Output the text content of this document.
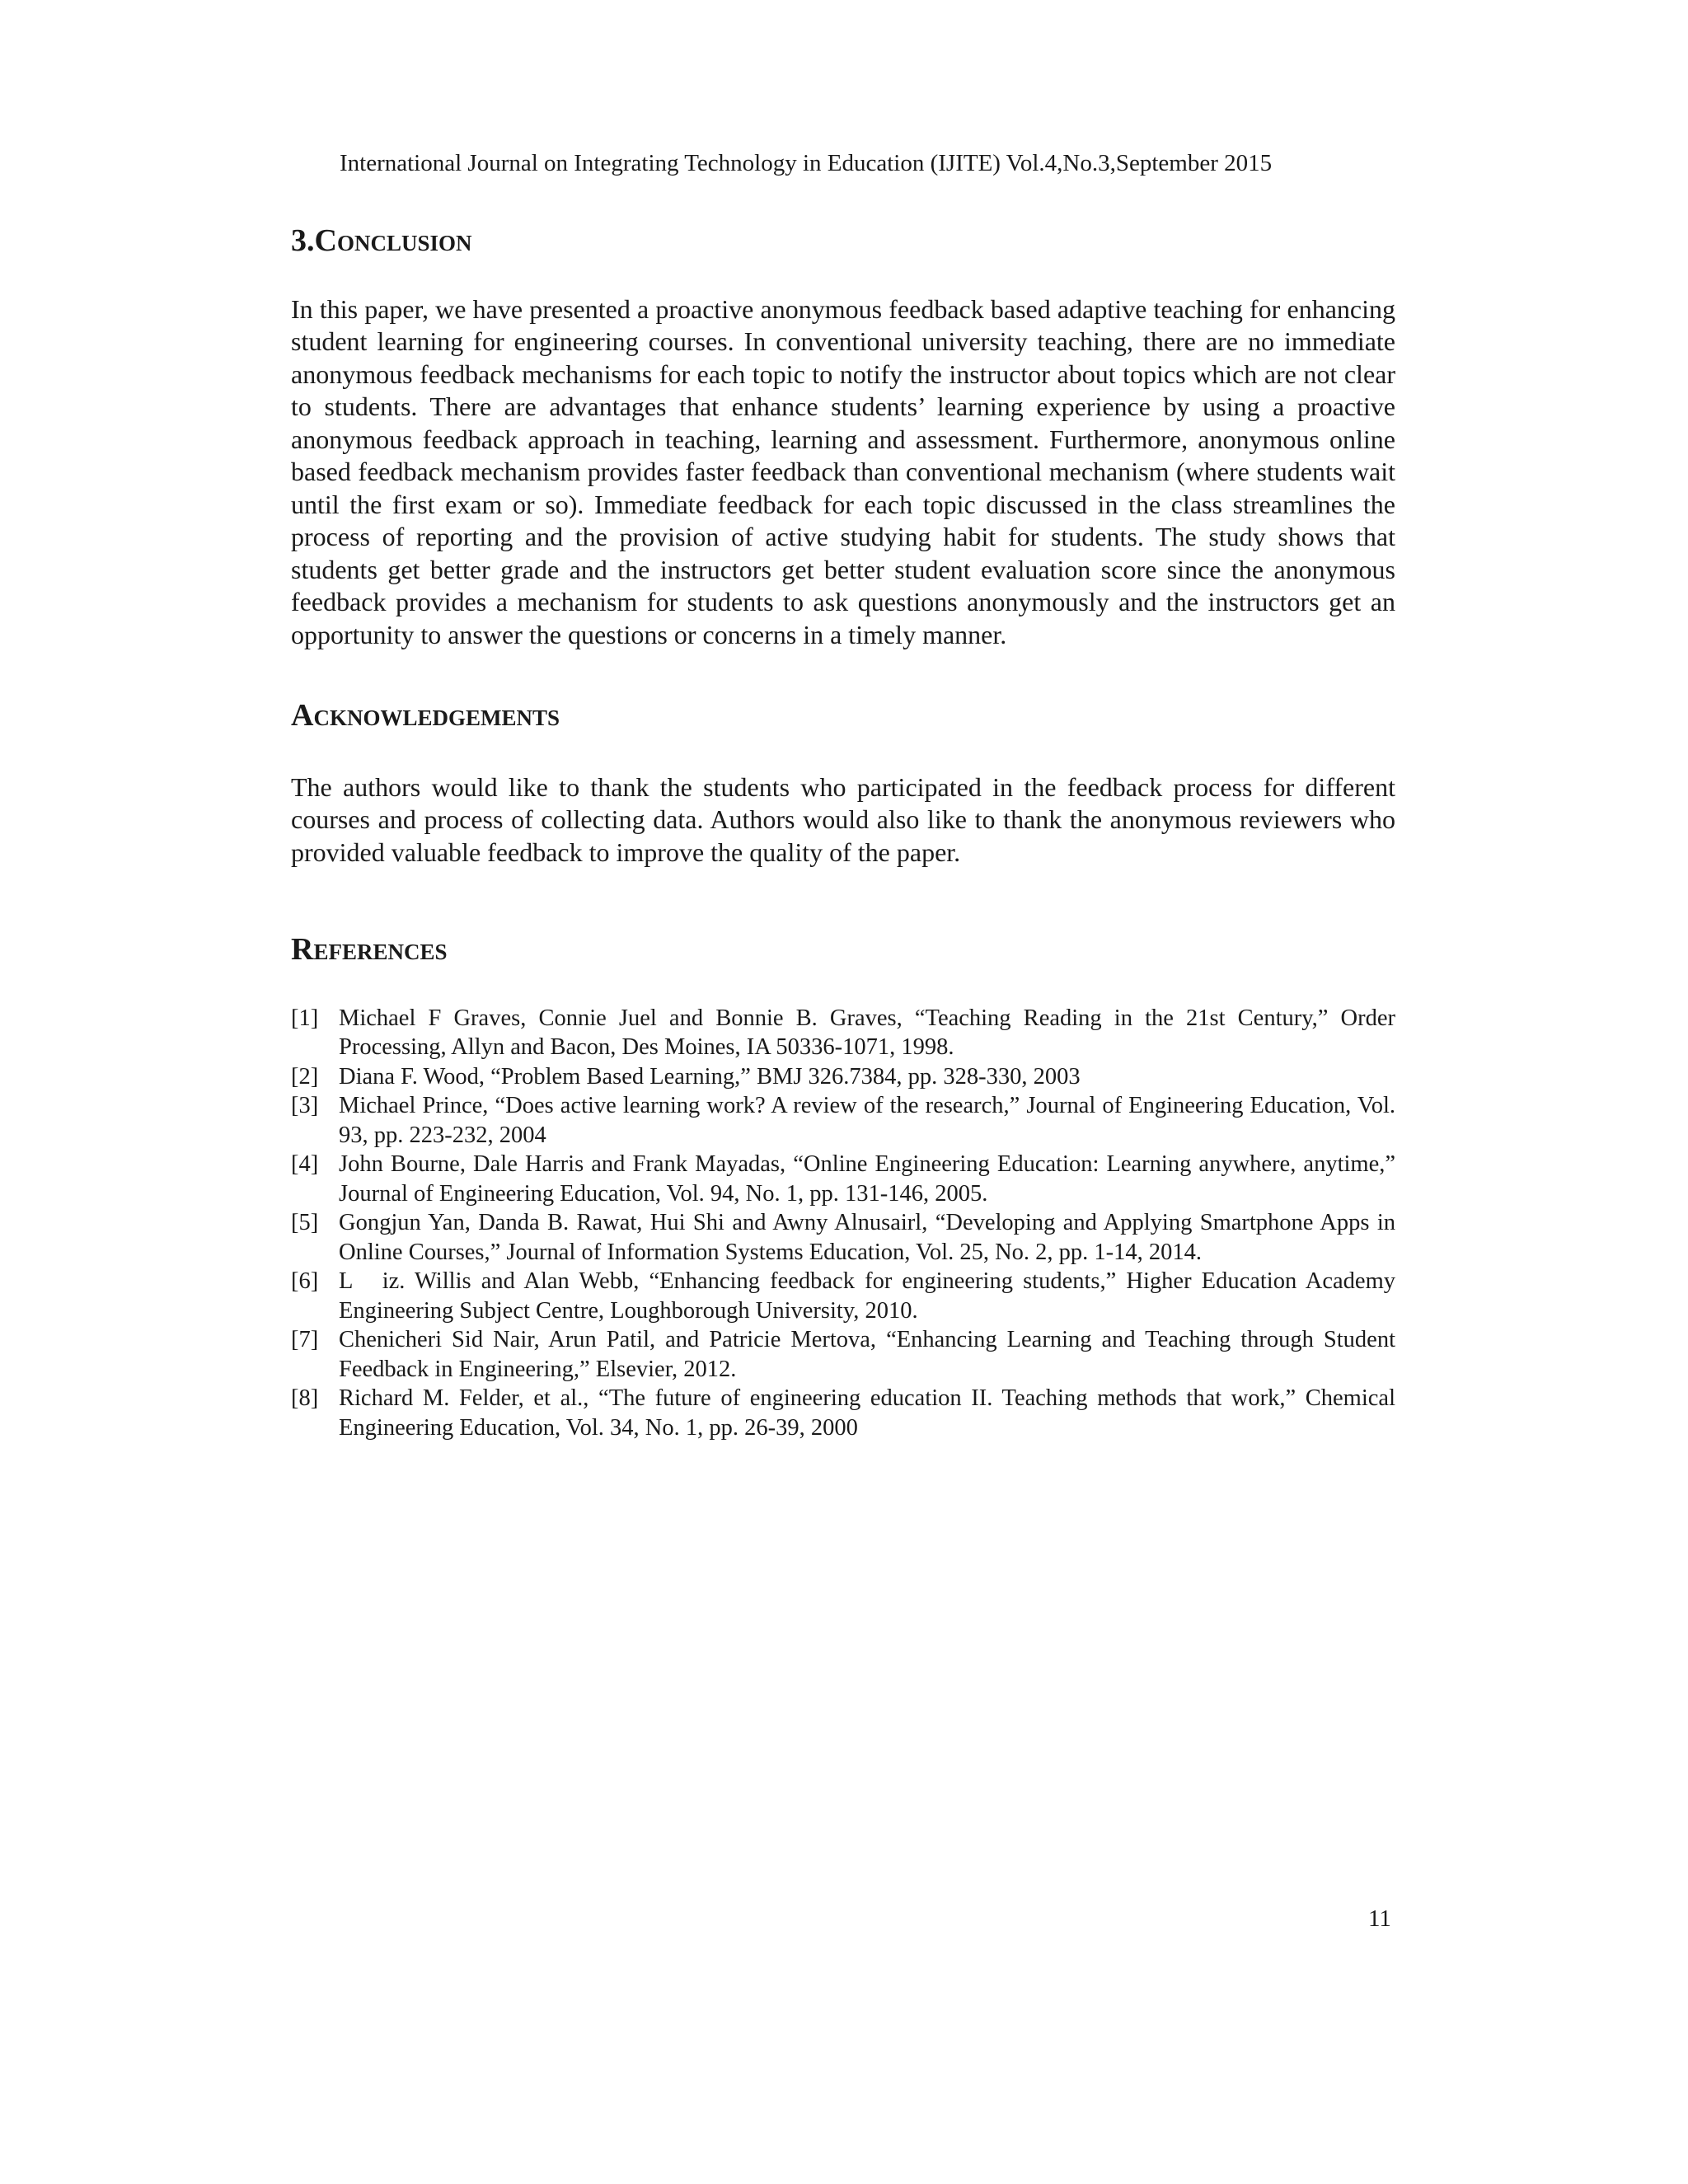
International Journal on Integrating Technology in Education (IJITE) Vol.4,No.3,September 2015
3.Conclusion

In this paper, we have presented a proactive anonymous feedback based adaptive teaching for enhancing student learning for engineering courses. In conventional university teaching, there are no immediate anonymous feedback mechanisms for each topic to notify the instructor about topics which are not clear to students. There are advantages that enhance students’ learning experience by using a proactive anonymous feedback approach in teaching, learning and assessment. Furthermore, anonymous online based feedback mechanism provides faster feedback than conventional mechanism (where students wait until the first exam or so). Immediate feedback for each topic discussed in the class streamlines the process of reporting and the provision of active studying habit for students. The study shows that students get better grade and the instructors get better student evaluation score since the anonymous feedback provides a mechanism for students to ask questions anonymously and the instructors get an opportunity to answer the questions or concerns in a timely manner.

Acknowledgements

The authors would like to thank the students who participated in the feedback process for different courses and process of collecting data. Authors would also like to thank the anonymous reviewers who provided valuable feedback to improve the quality of the paper.

References
[1] Michael F Graves, Connie Juel and Bonnie B. Graves, “Teaching Reading in the 21st Century,” Order Processing, Allyn and Bacon, Des Moines, IA 50336-1071, 1998.
[2] Diana F. Wood, “Problem Based Learning,” BMJ 326.7384, pp. 328-330, 2003
[3] Michael Prince, “Does active learning work? A review of the research,” Journal of Engineering Education, Vol. 93, pp. 223-232, 2004
[4] John Bourne, Dale Harris and Frank Mayadas, “Online Engineering Education: Learning anywhere, anytime,” Journal of Engineering Education, Vol. 94, No. 1, pp. 131-146, 2005.
[5] Gongjun Yan, Danda B. Rawat, Hui Shi and Awny Alnusairl, “Developing and Applying Smartphone Apps in Online Courses,” Journal of Information Systems Education, Vol. 25, No. 2, pp. 1-14, 2014.
[6] L   iz. Willis and Alan Webb, “Enhancing feedback for engineering students,” Higher Education Academy Engineering Subject Centre, Loughborough University, 2010.
[7] Chenicheri Sid Nair, Arun Patil, and Patricie Mertova, “Enhancing Learning and Teaching through Student Feedback in Engineering,” Elsevier, 2012.
[8] Richard M. Felder, et al., “The future of engineering education II. Teaching methods that work,” Chemical Engineering Education, Vol. 34, No. 1, pp. 26-39, 2000
11
